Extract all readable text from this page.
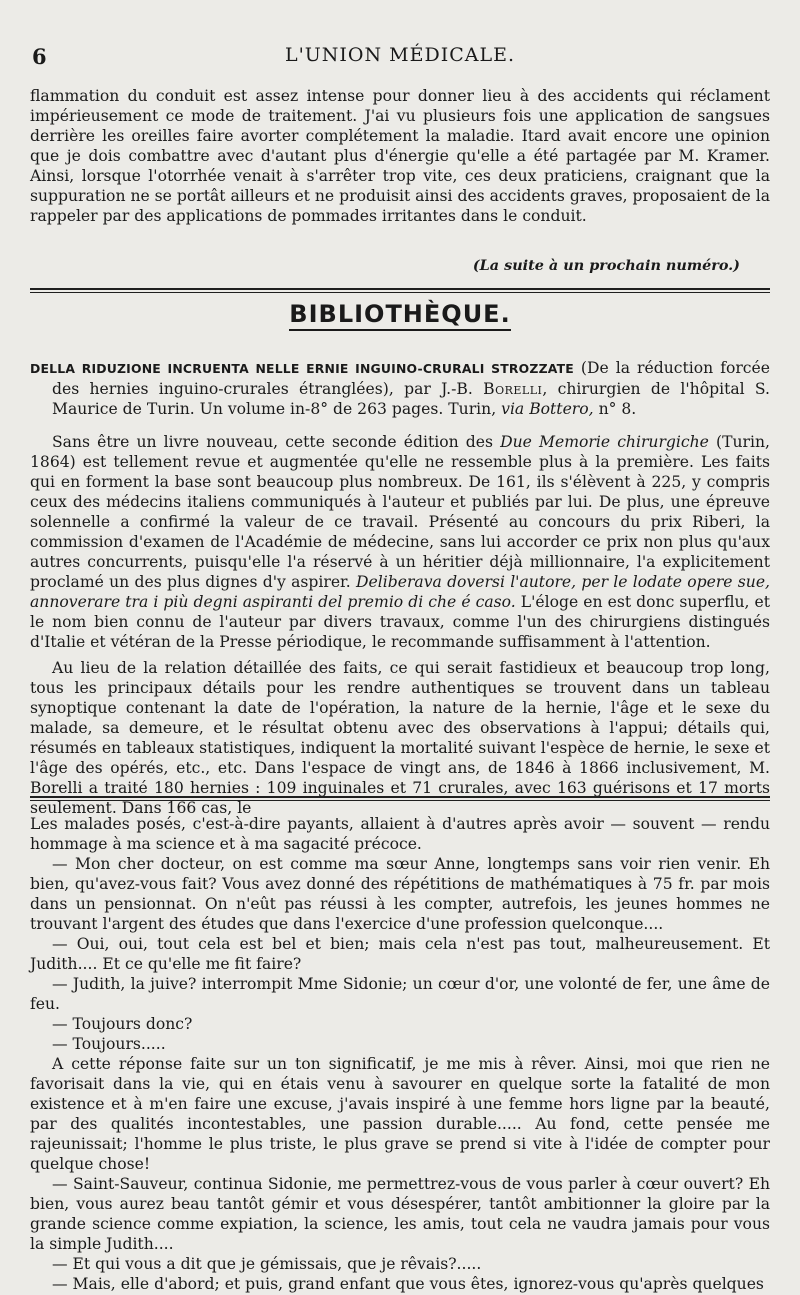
6	L'UNION MÉDICALE.

flammation du conduit est assez intense pour donner lieu à des accidents qui réclament impérieusement ce mode de traitement. J'ai vu plusieurs fois une application de sangsues derrière les oreilles faire avorter complétement la maladie. Itard avait encore une opinion que je dois combattre avec d'autant plus d'énergie qu'elle a été partagée par M. Kramer. Ainsi, lorsque l'otorrhée venait à s'arrêter trop vite, ces deux praticiens, craignant que la suppuration ne se portât ailleurs et ne produisit ainsi des accidents graves, proposaient de la rappeler par des applications de pommades irritantes dans le conduit.

(La suite à un prochain numéro.)
BIBLIOTHÈQUE.

DELLA RIDUZIONE INCRUENTA NELLE ERNIE INGUINO-CRURALI STROZZATE (De la réduction forcée des hernies inguino-crurales étranglées), par J.-B. Borelli, chirurgien de l'hôpital S. Maurice de Turin. Un volume in-8° de 263 pages. Turin, via Bottero, n° 8.

Sans être un livre nouveau, cette seconde édition des Due Memorie chirurgiche (Turin, 1864) est tellement revue et augmentée qu'elle ne ressemble plus à la première. Les faits qui en forment la base sont beaucoup plus nombreux. De 161, ils s'élèvent à 225, y compris ceux des médecins italiens communiqués à l'auteur et publiés par lui. De plus, une épreuve solennelle a confirmé la valeur de ce travail. Présenté au concours du prix Riberi, la commission d'examen de l'Académie de médecine, sans lui accorder ce prix non plus qu'aux autres concurrents, puisqu'elle l'a réservé à un héritier déjà millionnaire, l'a explicitement proclamé un des plus dignes d'y aspirer. Deliberava doversi l'autore, per le lodate opere sue, annoverare tra i più degni aspiranti del premio di che é caso. L'éloge en est donc superflu, et le nom bien connu de l'auteur par divers travaux, comme l'un des chirurgiens distingués d'Italie et vétéran de la Presse périodique, le recommande suffisamment à l'attention.

Au lieu de la relation détaillée des faits, ce qui serait fastidieux et beaucoup trop long, tous les principaux détails pour les rendre authentiques se trouvent dans un tableau synoptique contenant la date de l'opération, la nature de la hernie, l'âge et le sexe du malade, sa demeure, et le résultat obtenu avec des observations à l'appui; détails qui, résumés en tableaux statistiques, indiquent la mortalité suivant l'espèce de hernie, le sexe et l'âge des opérés, etc., etc. Dans l'espace de vingt ans, de 1846 à 1866 inclusivement, M. Borelli a traité 180 hernies : 109 inguinales et 71 crurales, avec 163 guérisons et 17 morts seulement. Dans 166 cas, le

Les malades posés, c'est-à-dire payants, allaient à d'autres après avoir — souvent — rendu hommage à ma science et à ma sagacité précoce.

— Mon cher docteur, on est comme ma sœur Anne, longtemps sans voir rien venir. Eh bien, qu'avez-vous fait? Vous avez donné des répétitions de mathématiques à 75 fr. par mois dans un pensionnat. On n'eût pas réussi à les compter, autrefois, les jeunes hommes ne trouvant l'argent des études que dans l'exercice d'une profession quelconque....

— Oui, oui, tout cela est bel et bien; mais cela n'est pas tout, malheureusement. Et Judith.... Et ce qu'elle me fit faire?

— Judith, la juive? interrompit Mme Sidonie; un cœur d'or, une volonté de fer, une âme de feu.

— Toujours donc?

— Toujours.....

A cette réponse faite sur un ton significatif, je me mis à rêver. Ainsi, moi que rien ne favorisait dans la vie, qui en étais venu à savourer en quelque sorte la fatalité de mon existence et à m'en faire une excuse, j'avais inspiré à une femme hors ligne par la beauté, par des qualités incontestables, une passion durable..... Au fond, cette pensée me rajeunissait; l'homme le plus triste, le plus grave se prend si vite à l'idée de compter pour quelque chose!

— Saint-Sauveur, continua Sidonie, me permettrez-vous de vous parler à cœur ouvert? Eh bien, vous aurez beau tantôt gémir et vous désespérer, tantôt ambitionner la gloire par la grande science comme expiation, la science, les amis, tout cela ne vaudra jamais pour vous la simple Judith....

— Et qui vous a dit que je gémissais, que je rêvais?.....

— Mais, elle d'abord; et puis, grand enfant que vous êtes, ignorez-vous qu'après quelques
